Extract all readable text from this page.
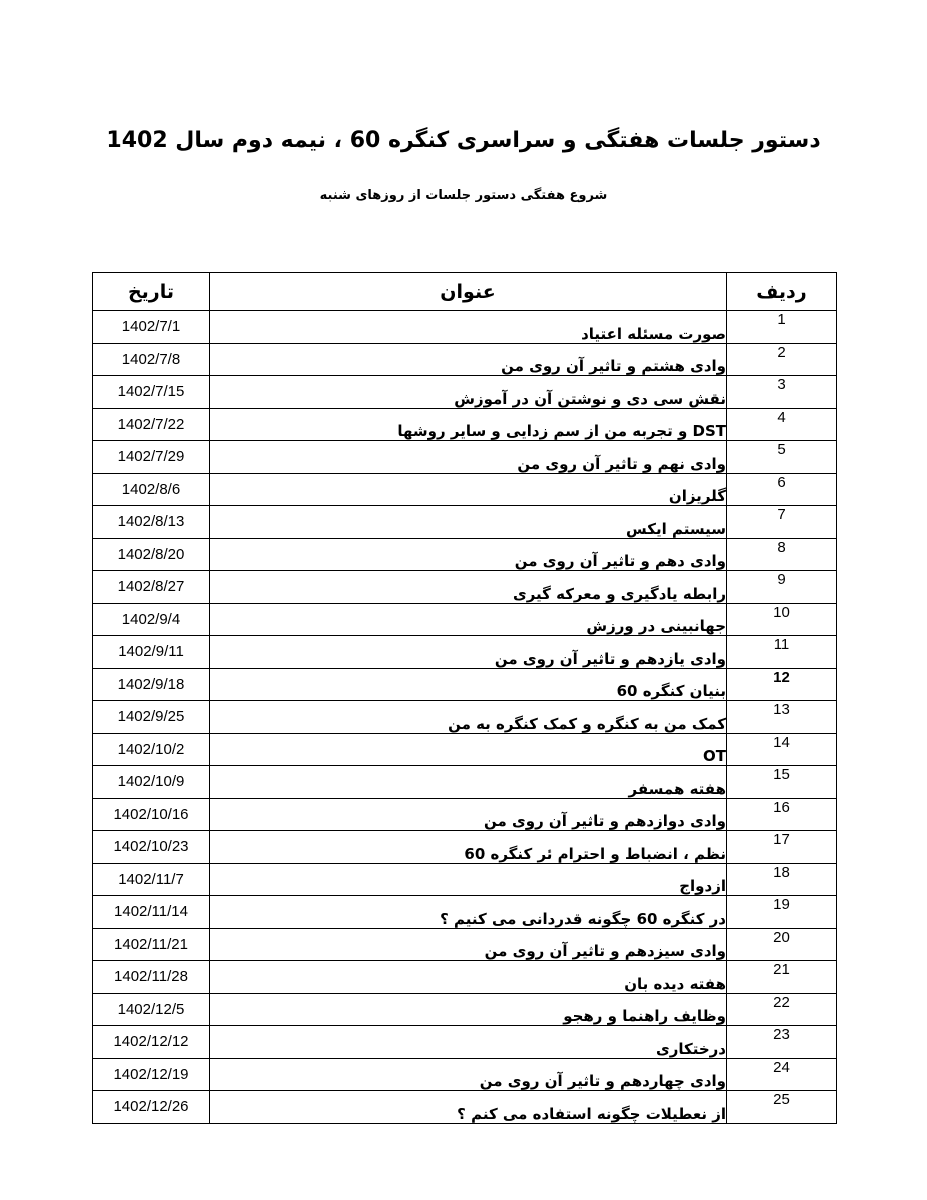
دستور جلسات هفتگی و سراسری کنگره 60 ، نیمه دوم سال 1402
شروع هفتگی دستور جلسات از روزهای شنبه
تاریخ	عنوان	ردیف
1402/7/1	صورت مسئله اعتیاد	1
1402/7/8	وادی هشتم و تاثیر آن روی من	2
1402/7/15	نقش سی دی و نوشتن آن در آموزش	3
1402/7/22	DST و تجربه من از سم زدایی و سایر روشها	4
1402/7/29	وادی نهم و تاثیر آن روی من	5
1402/8/6	گلریزان	6
1402/8/13	سیستم ایکس	7
1402/8/20	وادی دهم و تاثیر آن روی من	8
1402/8/27	رابطه یادگیری و معرکه گیری	9
1402/9/4	جهانبینی در ورزش	10
1402/9/11	وادی یازدهم و تاثیر آن روی من	11
1402/9/18	بنیان کنگره 60	12
1402/9/25	کمک من به کنگره و کمک کنگره به من	13
1402/10/2	OT	14
1402/10/9	هفته همسفر	15
1402/10/16	وادی دوازدهم و تاثیر آن روی من	16
1402/10/23	نظم ، انضباط و احترام ئر کنگره 60	17
1402/11/7	ازدواج	18
1402/11/14	در کنگره 60 چگونه قدردانی می کنیم ؟	19
1402/11/21	وادی سیزدهم و تاثیر آن روی من	20
1402/11/28	هفته دیده بان	21
1402/12/5	وظایف راهنما و رهجو	22
1402/12/12	درختکاری	23
1402/12/19	وادی چهاردهم و تاثیر آن روی من	24
1402/12/26	از نعطیلات چگونه استفاده می کنم ؟	25
